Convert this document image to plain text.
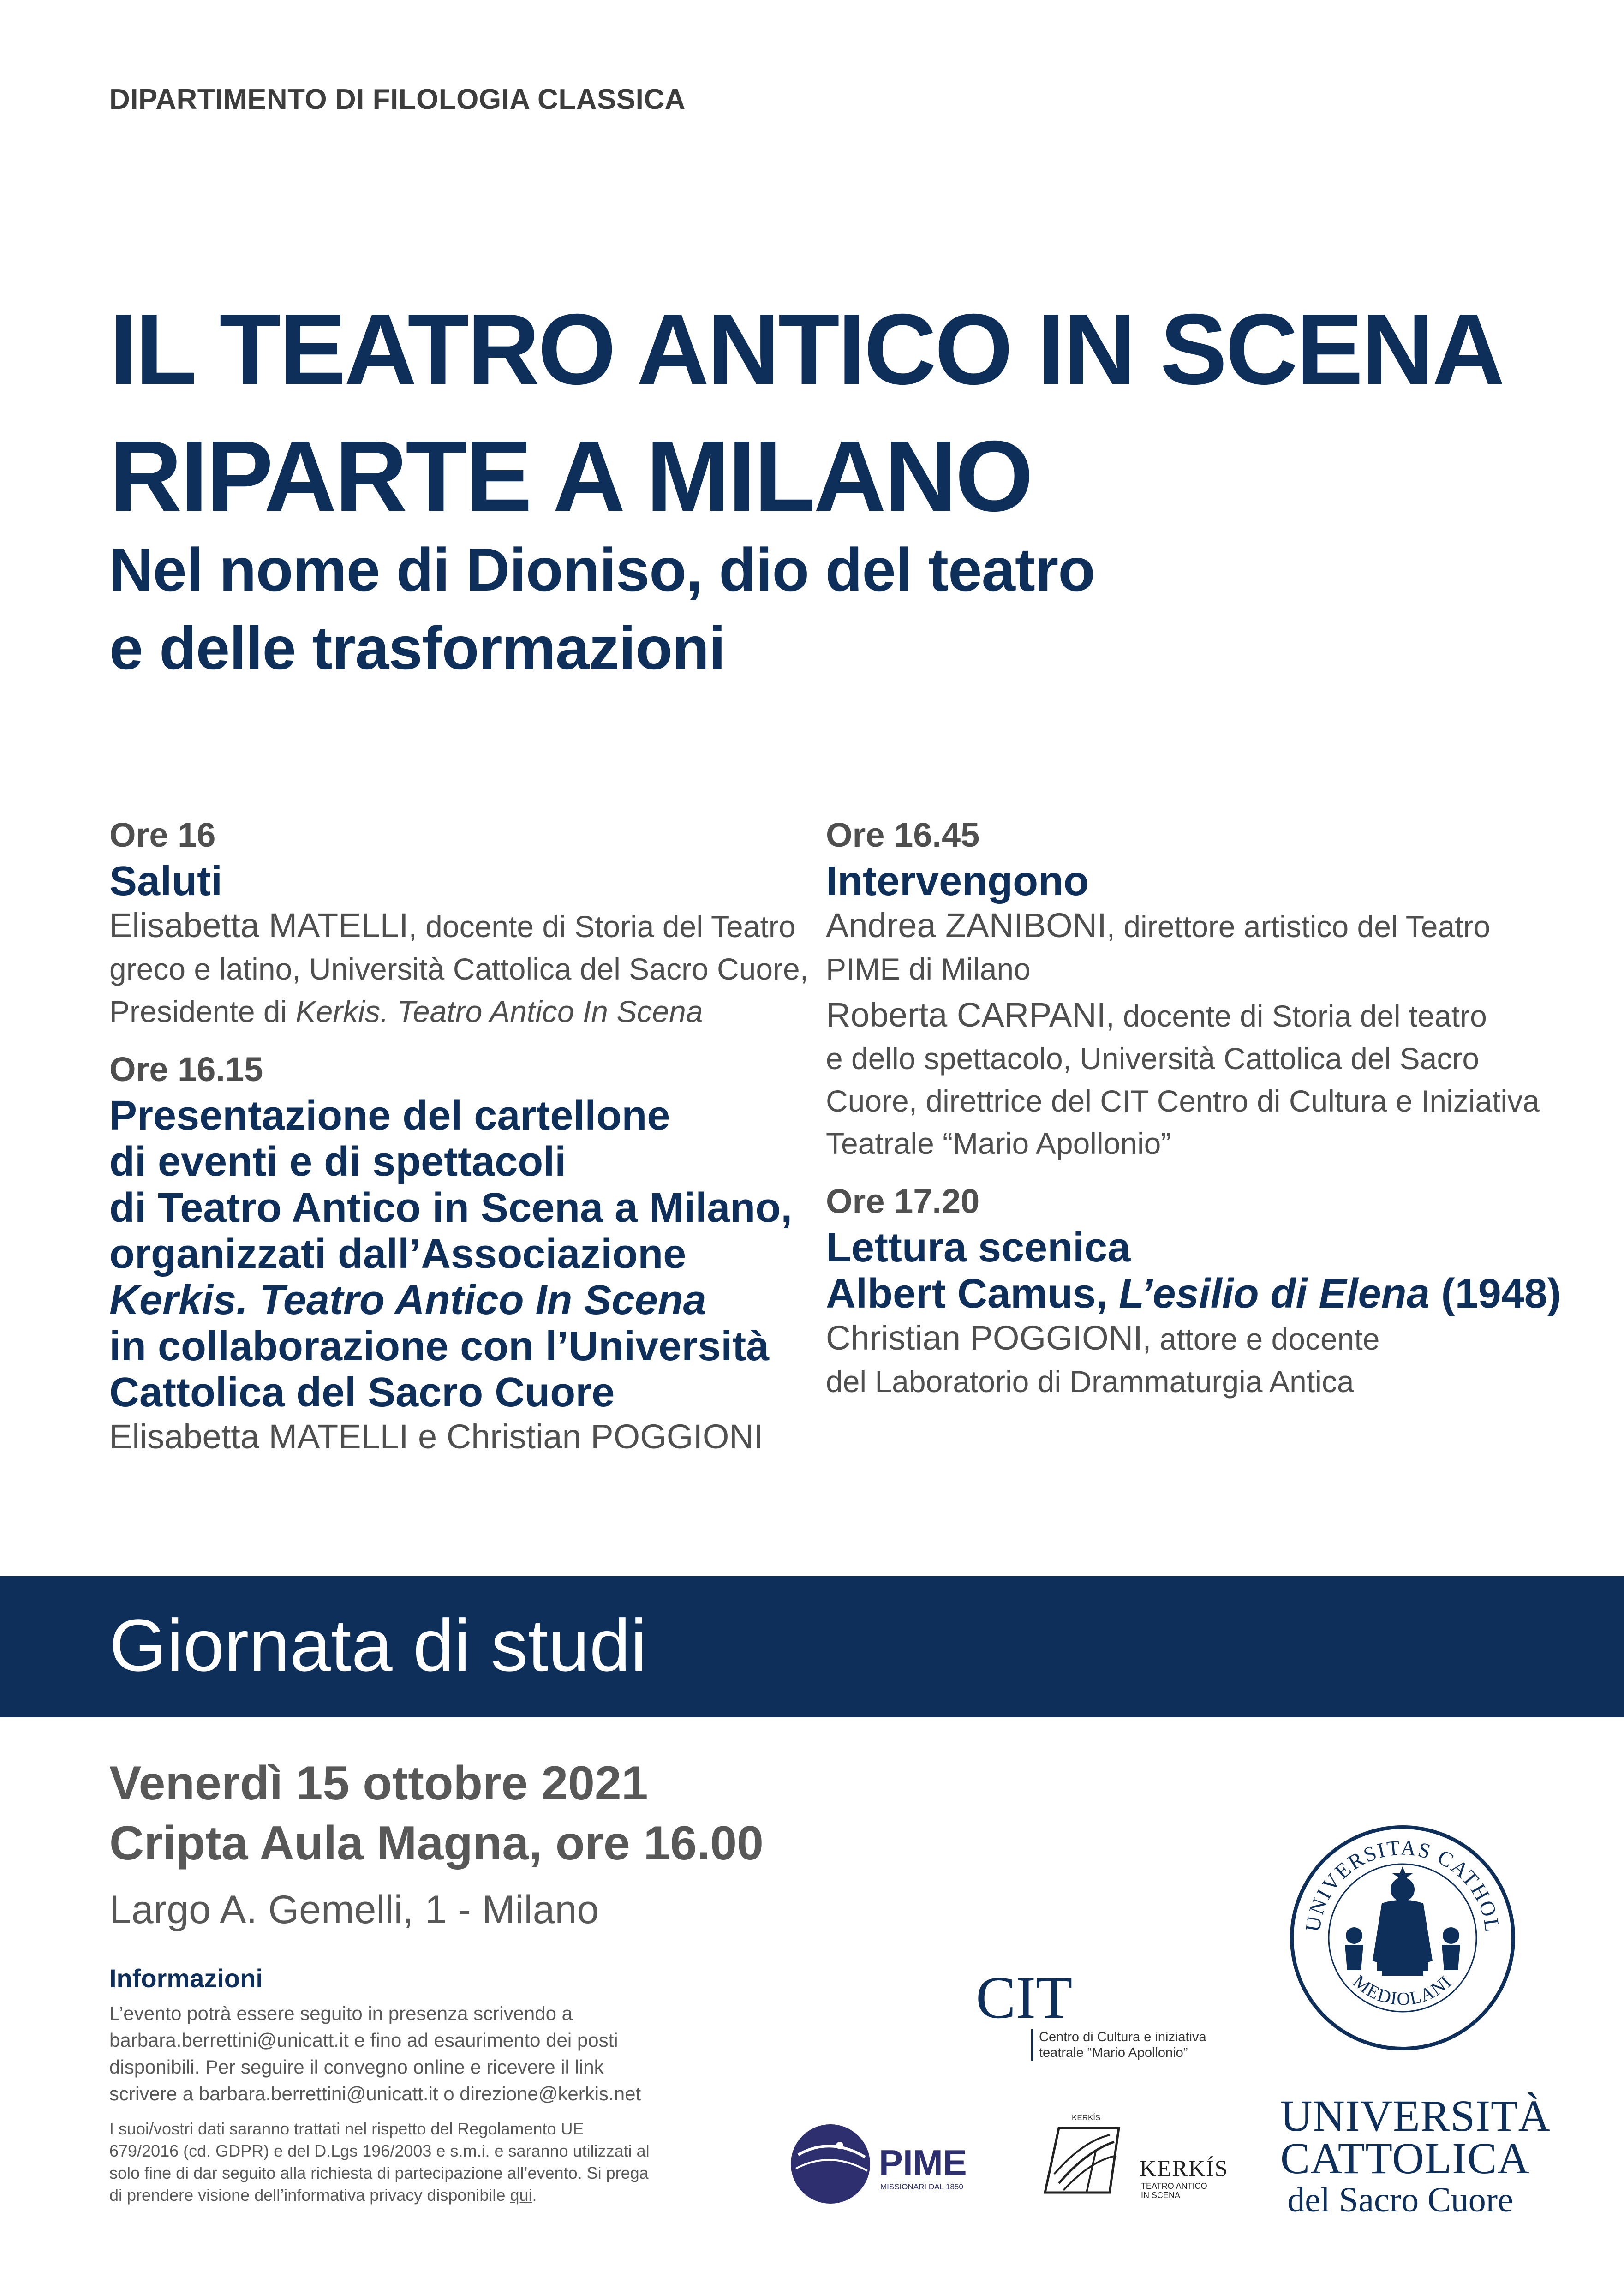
DIPARTIMENTO DI FILOLOGIA CLASSICA
IL TEATRO ANTICO IN SCENA
RIPARTE A MILANO
Nel nome di Dioniso, dio del teatro
e delle trasformazioni

Ore 16

Saluti

Elisabetta MATELLI, docente di Storia del Teatro
greco e latino, Università Cattolica del Sacro Cuore,
Presidente di Kerkis. Teatro Antico In Scena

Ore 16.15

Presentazione del cartellone
di eventi e di spettacoli
di Teatro Antico in Scena a Milano,
organizzati dall’Associazione
Kerkis. Teatro Antico In Scena
in collaborazione con l’Università
Cattolica del Sacro Cuore

Elisabetta MATELLI e Christian POGGIONI

Ore 16.45

Intervengono

Andrea ZANIBONI, direttore artistico del Teatro
PIME di Milano

Roberta CARPANI, docente di Storia del teatro
e dello spettacolo, Università Cattolica del Sacro
Cuore, direttrice del CIT Centro di Cultura e Iniziativa
Teatrale “Mario Apollonio”

Ore 17.20

Lettura scenica
Albert Camus, L’esilio di Elena (1948)

Christian POGGIONI, attore e docente
del Laboratorio di Drammaturgia Antica

Giornata di studi
Venerdì 15 ottobre 2021
Cripta Aula Magna, ore 16.00
Largo A. Gemelli, 1 - Milano
Informazioni
L’evento potrà essere seguito in presenza scrivendo a
barbara.berrettini@unicatt.it e fino ad esaurimento dei posti
disponibili. Per seguire il convegno online e ricevere il link
scrivere a barbara.berrettini@unicatt.it o direzione@kerkis.net
I suoi/vostri dati saranno trattati nel rispetto del Regolamento UE
679/2016 (cd. GDPR) e del D.Lgs 196/2003 e s.m.i. e saranno utilizzati al
solo fine di dar seguito alla richiesta di partecipazione all’evento. Si prega
di prendere visione dell’informativa privacy disponibile qui.
CIT
Centro di Cultura e iniziativa
teatrale “Mario Apollonio”
PIME
MISSIONARI DAL 1850
KERKÍS
KERKÍS
TEATRO ANTICO
IN SCENA
UNIVERSITAS CATHOL
MEDIOLANI
UNIVERSITÀ
CATTOLICA
del Sacro Cuore
